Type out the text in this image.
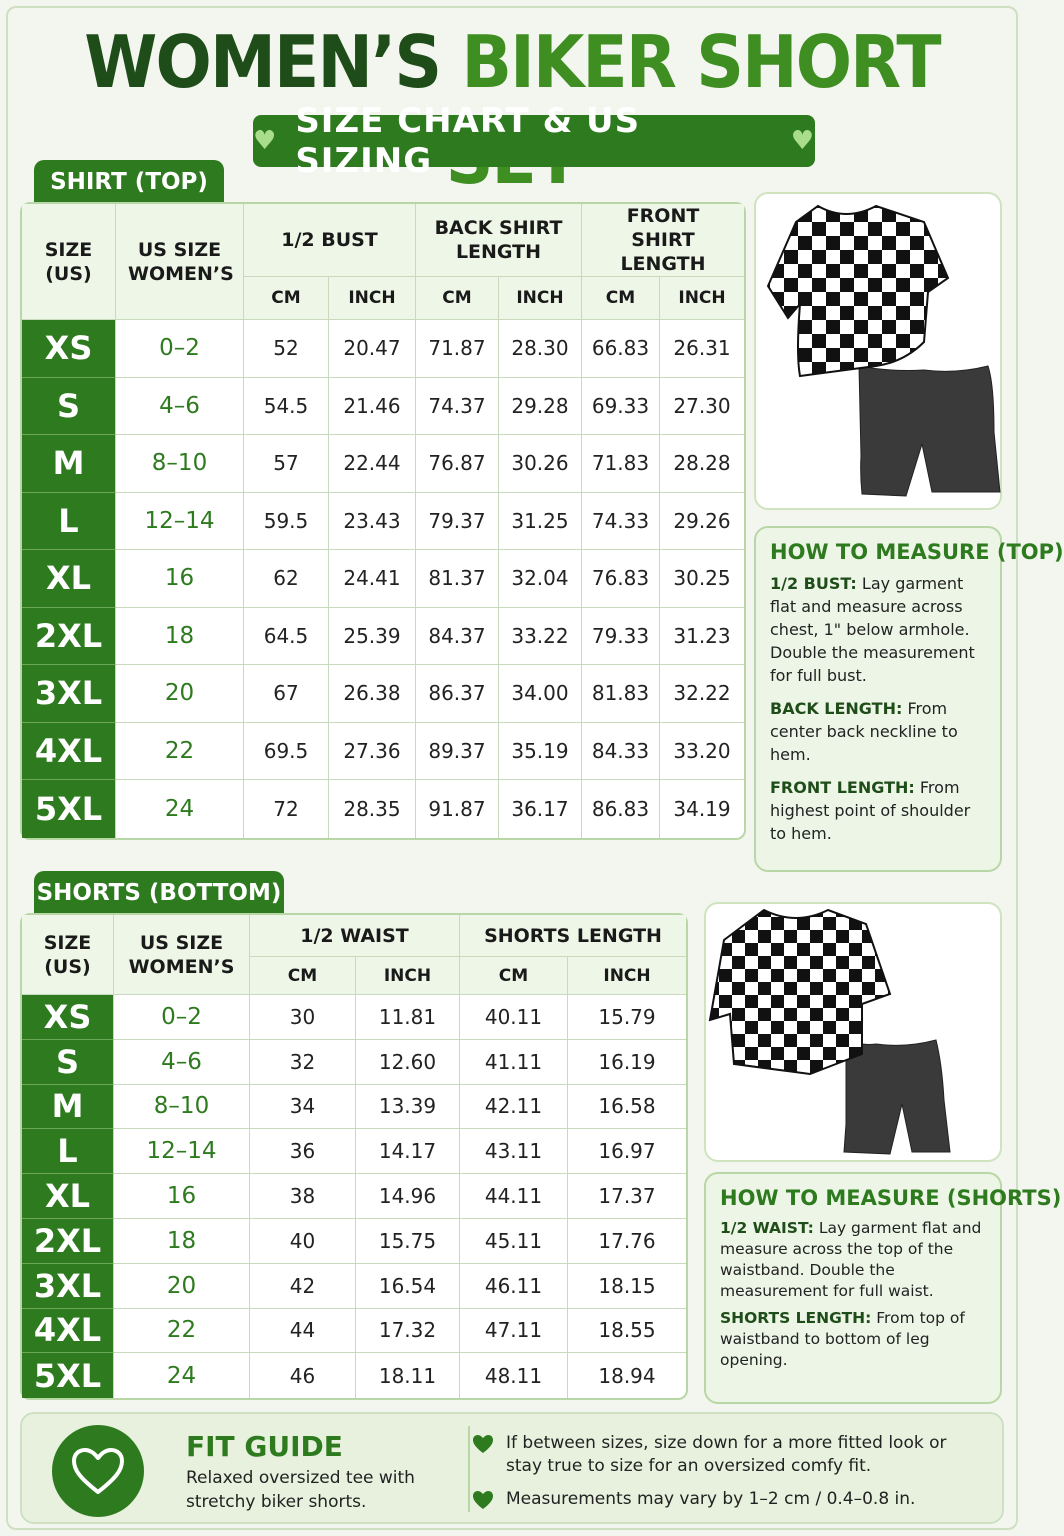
WOMEN’S BIKER SHORT
♥ SIZE CHART & US SIZING	♥
SHIRT (TOP)
SIZE (US)	US SIZE WOMEN’S	1/2 BUST		BACK SHIRT LENGTH		FRONT SHIRT LENGTH	
		CM	INCH	CM	INCH	CM	INCH
XS	0–2	52	20.47	71.87	28.30	66.83	26.31
S	4–6	54.5	21.46	74.37	29.28	69.33	27.30
M	8–10	57	22.44	76.87	30.26	71.83	28.28
L	12–14	59.5	23.43	79.37	31.25	74.33	29.26
XL	16	62	24.41	81.37	32.04	76.83	30.25
2XL	18	64.5	25.39	84.37	33.22	79.33	31.23
3XL	20	67	26.38	86.37	34.00	81.83	32.22
4XL	22	69.5	27.36	89.37	35.19	84.33	33.20
5XL	24	72	28.35	91.87	36.17	86.83	34.19
HOW TO MEASURE (TOP)

1/2 BUST: Lay garment flat and measure across chest, 1" below armhole. Double the measurement for full bust.

BACK LENGTH: From center back neckline to hem.

FRONT LENGTH: From highest point of shoulder to hem.

SHORTS (BOTTOM)
SIZE (US)	US SIZE WOMEN’S	1/2 WAIST		SHORTS LENGTH	
		CM	INCH	CM	INCH
XS	0–2	30	11.81	40.11	15.79
S	4–6	32	12.60	41.11	16.19
M	8–10	34	13.39	42.11	16.58
L	12–14	36	14.17	43.11	16.97
XL	16	38	14.96	44.11	17.37
2XL	18	40	15.75	45.11	17.76
3XL	20	42	16.54	46.11	18.15
4XL	22	44	17.32	47.11	18.55
5XL	24	46	18.11	48.11	18.94
HOW TO MEASURE (SHORTS)

1/2 WAIST: Lay garment flat and measure across the top of the waistband. Double the measurement for full waist.

SHORTS LENGTH: From top of waistband to bottom of leg opening.

FIT GUIDE
Relaxed oversized tee with stretchy biker shorts.
If between sizes, size down for a more fitted look or stay true to size for an oversized comfy fit.
Measurements may vary by 1–2 cm / 0.4–0.8 in.
